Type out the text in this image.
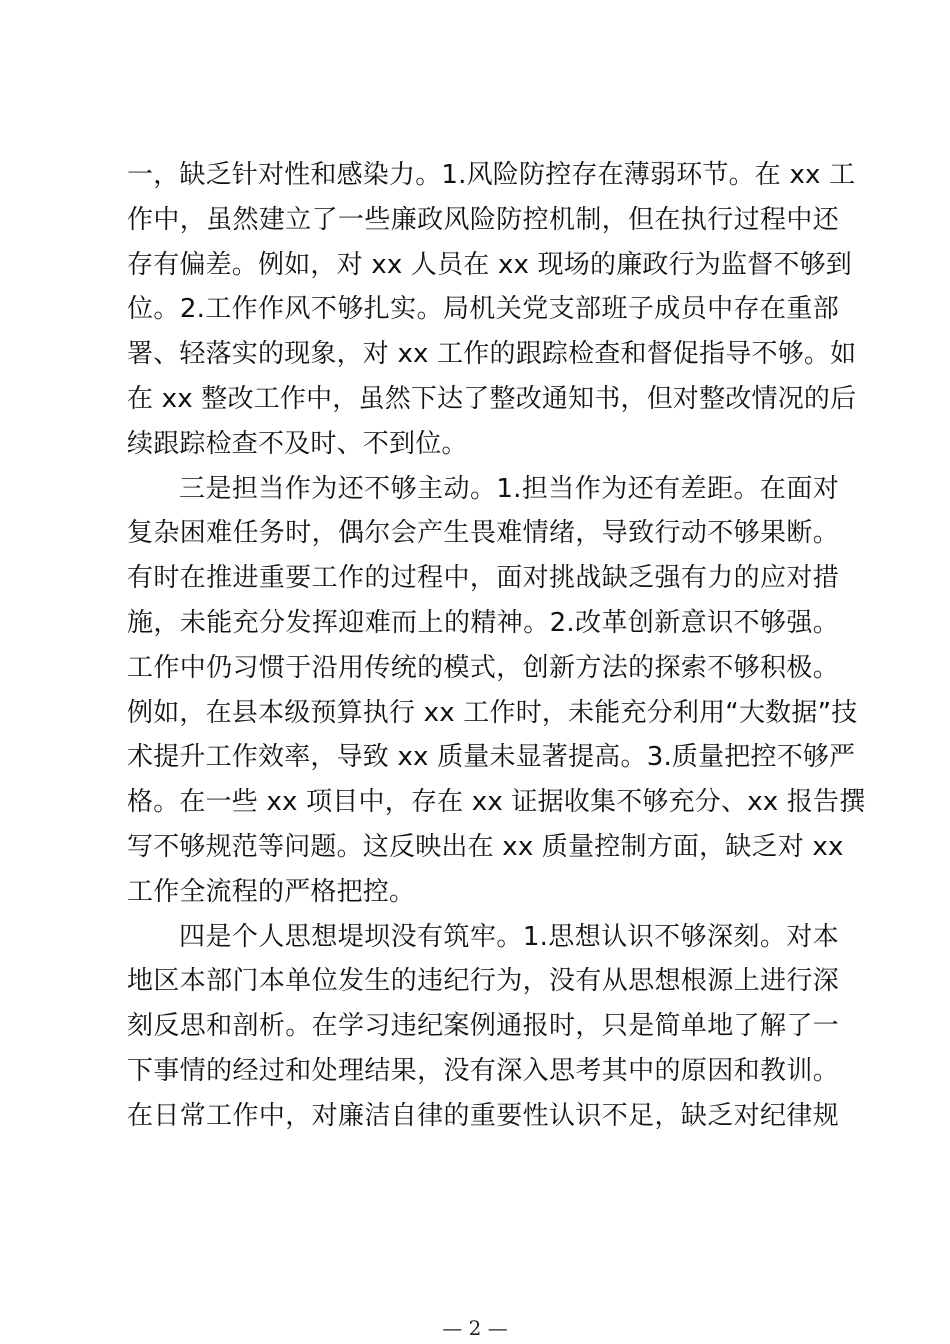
一，缺乏针对性和感染力。1.风险防控存在薄弱环节。在 xx 工
作中，虽然建立了一些廉政风险防控机制，但在执行过程中还
存有偏差。例如，对 xx 人员在 xx 现场的廉政行为监督不够到
位。2.工作作风不够扎实。局机关党支部班子成员中存在重部
署、轻落实的现象，对 xx 工作的跟踪检查和督促指导不够。如
在 xx 整改工作中，虽然下达了整改通知书，但对整改情况的后
续跟踪检查不及时、不到位。
三是担当作为还不够主动。1.担当作为还有差距。在面对
复杂困难任务时，偶尔会产生畏难情绪，导致行动不够果断。
有时在推进重要工作的过程中，面对挑战缺乏强有力的应对措
施，未能充分发挥迎难而上的精神。2.改革创新意识不够强。
工作中仍习惯于沿用传统的模式，创新方法的探索不够积极。
例如，在县本级预算执行 xx 工作时，未能充分利用“大数据”技
术提升工作效率，导致 xx 质量未显著提高。3.质量把控不够严
格。在一些 xx 项目中，存在 xx 证据收集不够充分、xx 报告撰
写不够规范等问题。这反映出在 xx 质量控制方面，缺乏对 xx
工作全流程的严格把控。
四是个人思想堤坝没有筑牢。1.思想认识不够深刻。对本
地区本部门本单位发生的违纪行为，没有从思想根源上进行深
刻反思和剖析。在学习违纪案例通报时，只是简单地了解了一
下事情的经过和处理结果，没有深入思考其中的原因和教训。
在日常工作中，对廉洁自律的重要性认识不足，缺乏对纪律规
— 2 —
